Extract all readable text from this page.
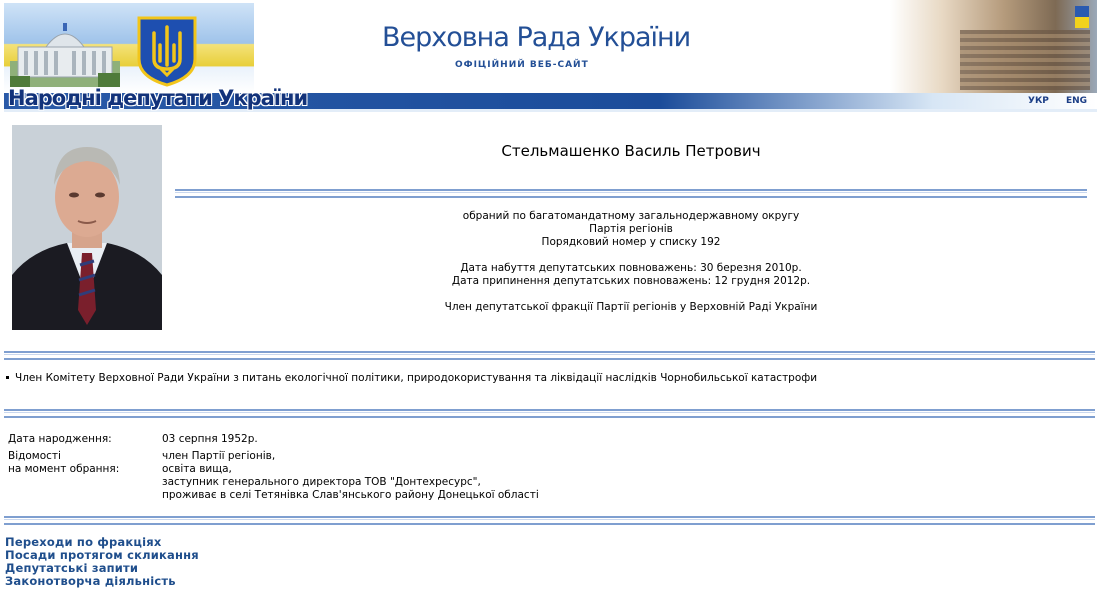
Народні депутати України
Верховна Рада України
ОФІЦІЙНИЙ ВЕБ-САЙТ
УКР ENG
Стельмашенко Василь Петрович
обраний по багатомандатному загальнодержавному округу
Партія регіонів
Порядковий номер у списку 192
Дата набуття депутатських повноважень: 30 березня 2010р.
Дата припинення депутатських повноважень: 12 грудня 2012р.
Член депутатської фракції Партії регіонів у Верховній Раді України
Член Комітету Верховної Ради України з питань екологічної політики, природокористування та ліквідації наслідків Чорнобильської катастрофи
Дата народження:	03 серпня 1952р.
Відомості
на момент обрання:
член Партії регіонів,
освіта вища,
заступник генерального директора ТОВ "Донтехресурс",
проживає в селі Тетянівка Слав'янського району Донецької області
Переходи по фракціях
Посади протягом скликання
Депутатські запити
Законотворча діяльність
